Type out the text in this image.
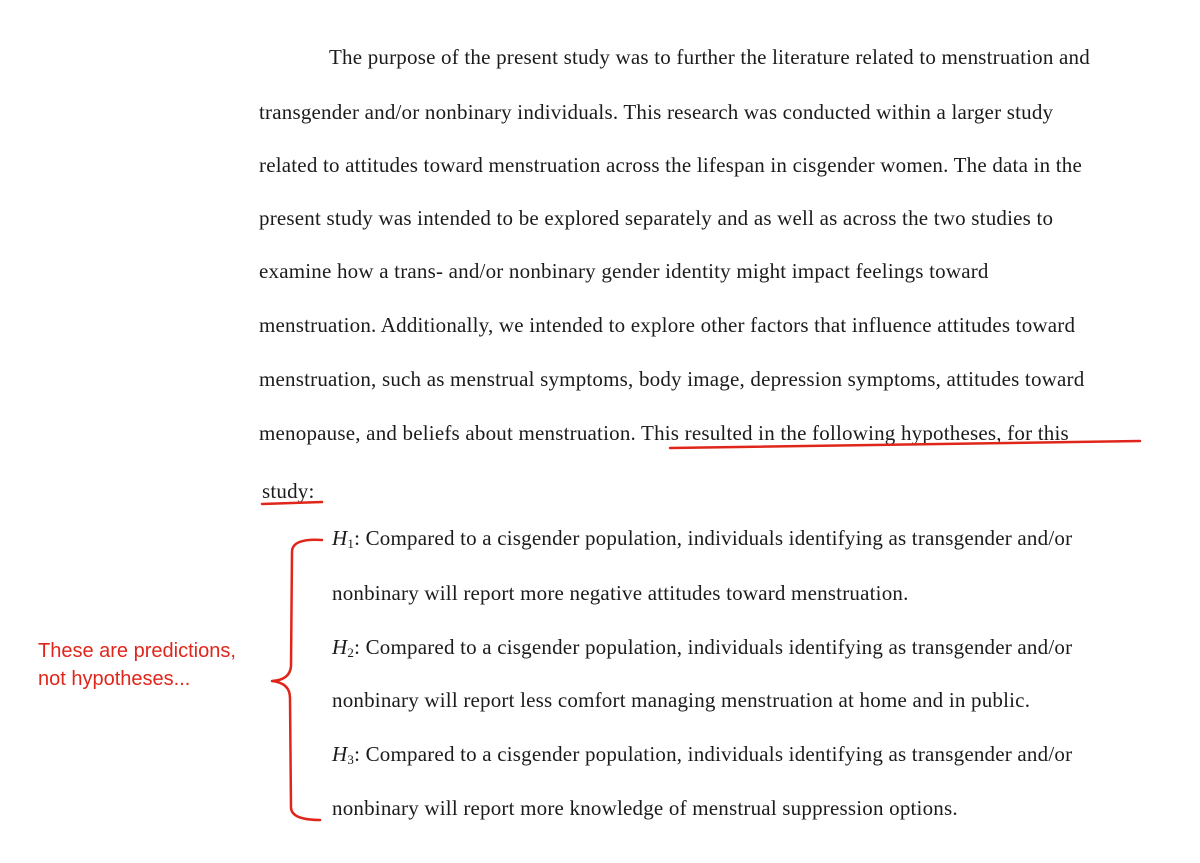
The purpose of the present study was to further the literature related to menstruation and
transgender and/or nonbinary individuals. This research was conducted within a larger study
related to attitudes toward menstruation across the lifespan in cisgender women. The data in the
present study was intended to be explored separately and as well as across the two studies to
examine how a trans- and/or nonbinary gender identity might impact feelings toward
menstruation. Additionally, we intended to explore other factors that influence attitudes toward
menstruation, such as menstrual symptoms, body image, depression symptoms, attitudes toward
menopause, and beliefs about menstruation. This resulted in the following hypotheses, for this
study:
$H_1$: Compared to a cisgender population, individuals identifying as transgender and/or
nonbinary will report more negative attitudes toward menstruation.
$H_2$: Compared to a cisgender population, individuals identifying as transgender and/or
nonbinary will report less comfort managing menstruation at home and in public.
$H_3$: Compared to a cisgender population, individuals identifying as transgender and/or
nonbinary will report more knowledge of menstrual suppression options.
These are predictions,
not hypotheses...
